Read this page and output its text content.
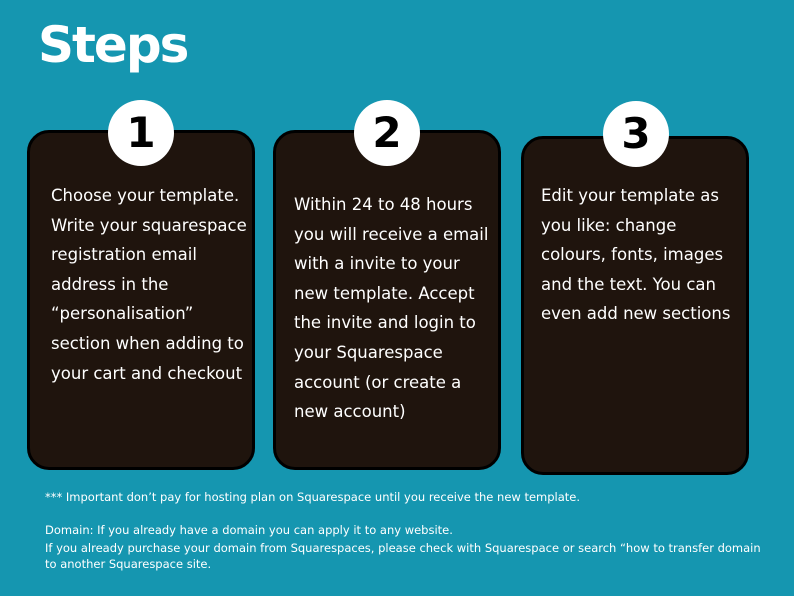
Steps
1	2	3

Choose your template. Write your squarespace registration email address in the “personalisation” section when adding to your cart and checkout

Within 24 to 48 hours you will receive a email with a invite to your new template. Accept the invite and login to your Squarespace account (or create a new account)

Edit your template as you like: change colours, fonts, images and the text. You can even add new sections

*** Important don’t pay for hosting plan on Squarespace until you receive the new template.

Domain: If you already have a domain you can apply it to any website.

If you already purchase your domain from Squarespaces, please check with Squarespace or search “how to transfer domain to another Squarespace site.
